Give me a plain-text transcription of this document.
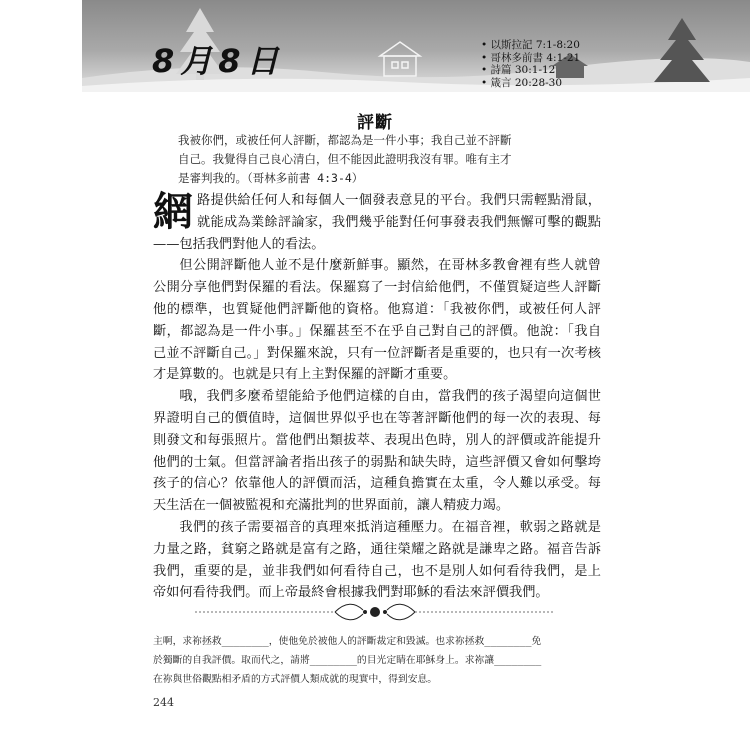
8月8日
•	以斯拉記 7:1-8:20
• 哥林多前書 4:1-21
• 詩篇 30:1-12
• 箴言 20:28-30
評斷
我被你們，或被任何人評斷，都認為是一件小事；我自己並不評斷
自己。我覺得自己良心清白，但不能因此證明我沒有罪。唯有主才
是審判我的。（哥林多前書 4:3-4）

網路提供給任何人和每個人一個發表意見的平台。我們只需輕點滑鼠，就能成為業餘評論家，我們幾乎能對任何事發表我們無懈可擊的觀點——包括我們對他人的看法。

但公開評斷他人並不是什麼新鮮事。顯然，在哥林多教會裡有些人就曾公開分享他們對保羅的看法。保羅寫了一封信給他們，不僅質疑這些人評斷他的標準，也質疑他們評斷他的資格。他寫道：「我被你們，或被任何人評斷，都認為是一件小事。」保羅甚至不在乎自己對自己的評價。他說：「我自己並不評斷自己。」對保羅來說，只有一位評斷者是重要的，也只有一次考核才是算數的。也就是只有上主對保羅的評斷才重要。

哦，我們多麼希望能給予他們這樣的自由，當我們的孩子渴望向這個世界證明自己的價值時，這個世界似乎也在等著評斷他們的每一次的表現、每則發文和每張照片。當他們出類拔萃、表現出色時，別人的評價或許能提升他們的士氣。但當評論者指出孩子的弱點和缺失時，這些評價又會如何擊垮孩子的信心？依靠他人的評價而活，這種負擔實在太重，令人難以承受。每天生活在一個被監視和充滿批判的世界面前，讓人精疲力竭。

我們的孩子需要福音的真理來抵消這種壓力。在福音裡，軟弱之路就是力量之路，貧窮之路就是富有之路，通往榮耀之路就是謙卑之路。福音告訴我們，重要的是，並非我們如何看待自己，也不是別人如何看待我們，是上帝如何看待我們。而上帝最終會根據我們對耶穌的看法來評價我們。

主啊，求祢拯救________，使他免於被他人的評斷裁定和毀滅。也求祢拯救________免
於獨斷的自我評價。取而代之，請將________的目光定睛在耶穌身上。求祢讓________
在祢與世俗觀點相矛盾的方式評價人類成就的現實中，得到安息。
244
